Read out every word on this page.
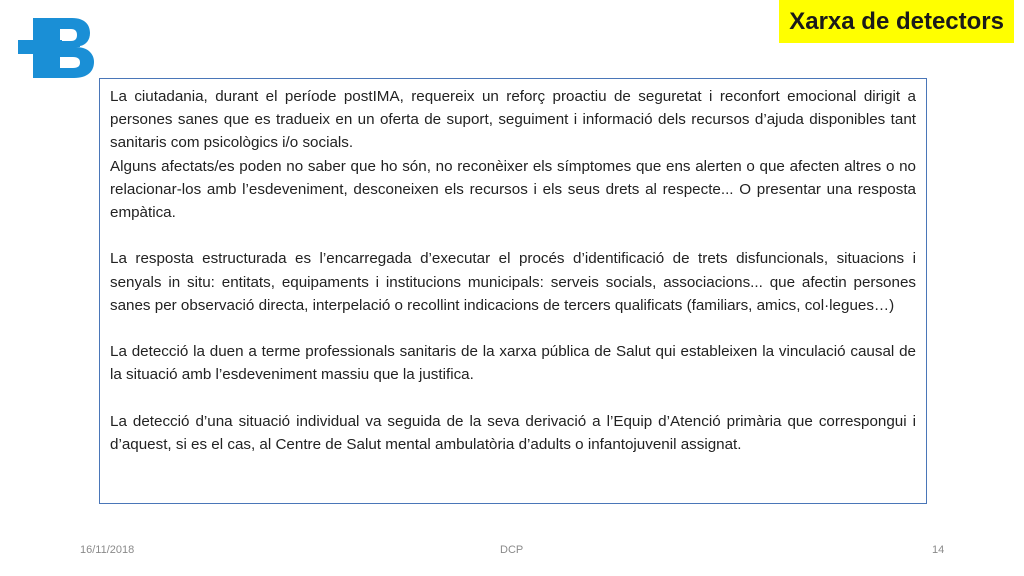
Xarxa de detectors

La ciutadania, durant el període postIMA, requereix un reforç proactiu de seguretat i reconfort emocional dirigit a persones sanes que es tradueix en un oferta de suport, seguiment i informació dels recursos d’ajuda disponibles tant sanitaris com psicològics i/o socials.

Alguns afectats/es poden no saber que ho són, no reconèixer els símptomes que ens alerten o que afecten altres o no relacionar-los amb l’esdeveniment, desconeixen els recursos i els seus drets al respecte... O presentar una resposta empàtica.

La resposta estructurada es l’encarregada d’executar el procés d’identificació de trets disfuncionals, situacions i senyals in situ: entitats, equipaments i institucions municipals: serveis socials, associacions... que afectin persones sanes per observació directa, interpelació o recollint indicacions de tercers qualificats (familiars, amics, col·legues…)

La detecció la duen a terme professionals sanitaris de la xarxa pública de Salut qui estableixen la vinculació causal de la situació amb l’esdeveniment massiu que la justifica.

La detecció d’una situació individual va seguida de la seva derivació a l’Equip d’Atenció primària que correspongui i d’aquest, si es el cas, al Centre de Salut mental ambulatòria d’adults o infantojuvenil assignat.

16/11/2018	DCP	14
